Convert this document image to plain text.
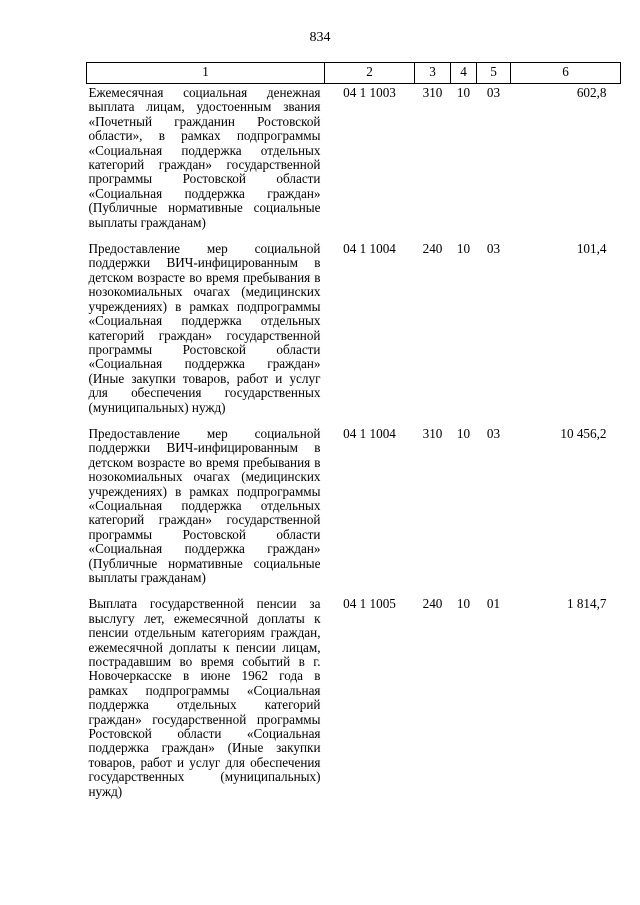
834
1	2	3	4	5	6
Ежемесячная социальная денежная выплата лицам, удостоенным звания «Почетный гражданин Ростовской области», в рамках подпрограммы «Социальная поддержка отдельных категорий граждан» государственной программы Ростовской области «Социальная поддержка граждан» (Публичные нормативные социальные выплаты гражданам)	04 1 1003	310	10	03	602,8
Предоставление мер социальной поддержки ВИЧ-инфицированным в детском возрасте во время пребывания в нозокомиальных очагах (медицинских учреждениях) в рамках подпрограммы «Социальная поддержка отдельных категорий граждан» государственной программы Ростовской области «Социальная поддержка граждан» (Иные закупки товаров, работ и услуг для обеспечения государственных (муниципальных) нужд)	04 1 1004	240	10	03	101,4
Предоставление мер социальной поддержки ВИЧ-инфицированным в детском возрасте во время пребывания в нозокомиальных очагах (медицинских учреждениях) в рамках подпрограммы «Социальная поддержка отдельных категорий граждан» государственной программы Ростовской области «Социальная поддержка граждан» (Публичные нормативные социальные выплаты гражданам)	04 1 1004	310	10	03	10 456,2
Выплата государственной пенсии за выслугу лет, ежемесячной доплаты к пенсии отдельным категориям граждан, ежемесячной доплаты к пенсии лицам, пострадавшим во время событий в г. Новочеркасске в июне 1962 года в рамках подпрограммы «Социальная поддержка отдельных категорий граждан» государственной программы Ростовской области «Социальная поддержка граждан» (Иные закупки товаров, работ и услуг для обеспечения государственных (муниципальных) нужд)	04 1 1005	240	10	01	1 814,7
